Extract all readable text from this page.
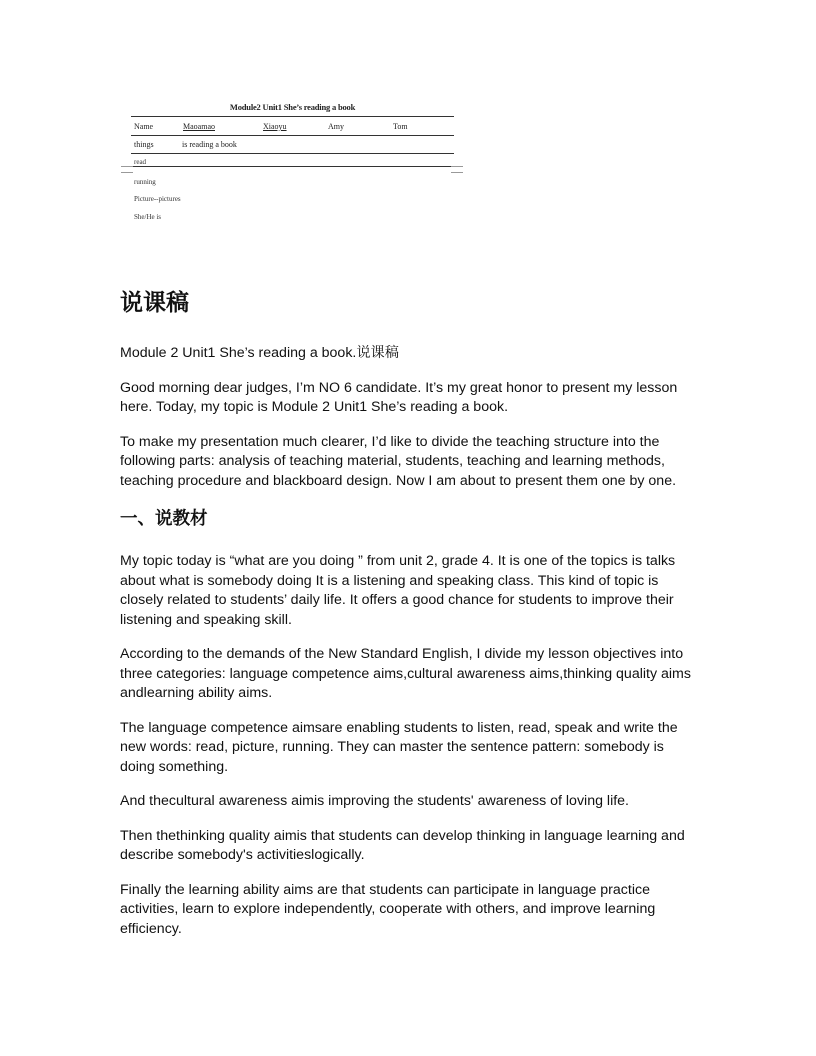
Module2 Unit1 She’s reading a book
Name	Maoamao	Xiaoyu	Amy	Tom
things	is reading a book
read
running
Picture--pictures
She/He is
说课稿

Module 2 Unit1 She’s reading a book.说课稿

Good morning dear judges, I’m NO 6 candidate. It’s my great honor to present my lesson here. Today, my topic is Module 2 Unit1 She’s reading a book.

To make my presentation much clearer, I’d like to divide the teaching structure into the following parts: analysis of teaching material, students, teaching and learning methods, teaching procedure and blackboard design. Now I am about to present them one by one.

一、说教材

My topic today is “what are you doing ” from unit 2, grade 4. It is one of the topics is talks about what is somebody doing It is a listening and speaking class. This kind of topic is closely related to students’ daily life. It offers a good chance for students to improve their listening and speaking skill.

According to the demands of the New Standard English, I divide my lesson objectives into three categories: language competence aims,cultural awareness aims,thinking quality aims andlearning ability aims.

The language competence aimsare enabling students to listen, read, speak and write the new words: read, picture, running. They can master the sentence pattern: somebody is doing something.

And thecultural awareness aimis improving the students' awareness of loving life.

Then thethinking quality aimis that students can develop thinking in language learning and describe somebody's activitieslogically.

Finally the learning ability aims are that students can participate in language practice activities, learn to explore independently, cooperate with others, and improve learning efficiency.
